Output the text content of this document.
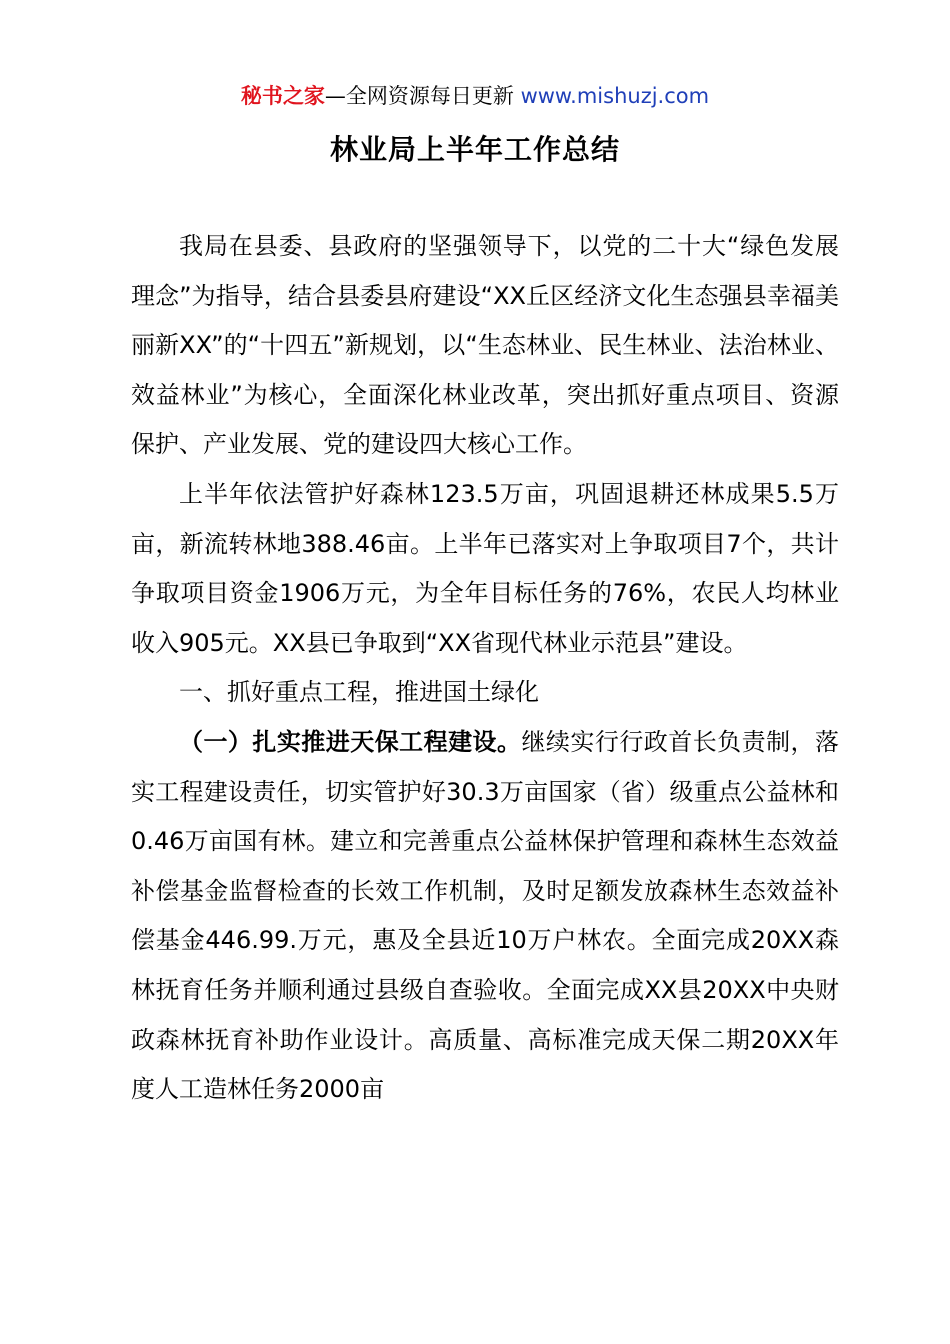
秘书之家—全网资源每日更新 www.mishuzj.com
林业局上半年工作总结

我局在县委、县政府的坚强领导下，以党的二十大“绿色发展理念”为指导，结合县委县府建设“XX丘区经济文化生态强县幸福美丽新XX”的“十四五”新规划，以“生态林业、民生林业、法治林业、效益林业”为核心，全面深化林业改革，突出抓好重点项目、资源保护、产业发展、党的建设四大核心工作。

上半年依法管护好森林123.5万亩，巩固退耕还林成果5.5万亩，新流转林地388.46亩。上半年已落实对上争取项目7个，共计争取项目资金1906万元，为全年目标任务的76%，农民人均林业收入905元。XX县已争取到“XX省现代林业示范县”建设。

一、抓好重点工程，推进国土绿化

（一）扎实推进天保工程建设。继续实行行政首长负责制，落实工程建设责任，切实管护好30.3万亩国家（省）级重点公益林和0.46万亩国有林。建立和完善重点公益林保护管理和森林生态效益补偿基金监督检查的长效工作机制，及时足额发放森林生态效益补偿基金446.99.万元，惠及全县近10万户林农。全面完成20XX森林抚育任务并顺利通过县级自查验收。全面完成XX县20XX中央财政森林抚育补助作业设计。高质量、高标准完成天保二期20XX年度人工造林任务2000亩
